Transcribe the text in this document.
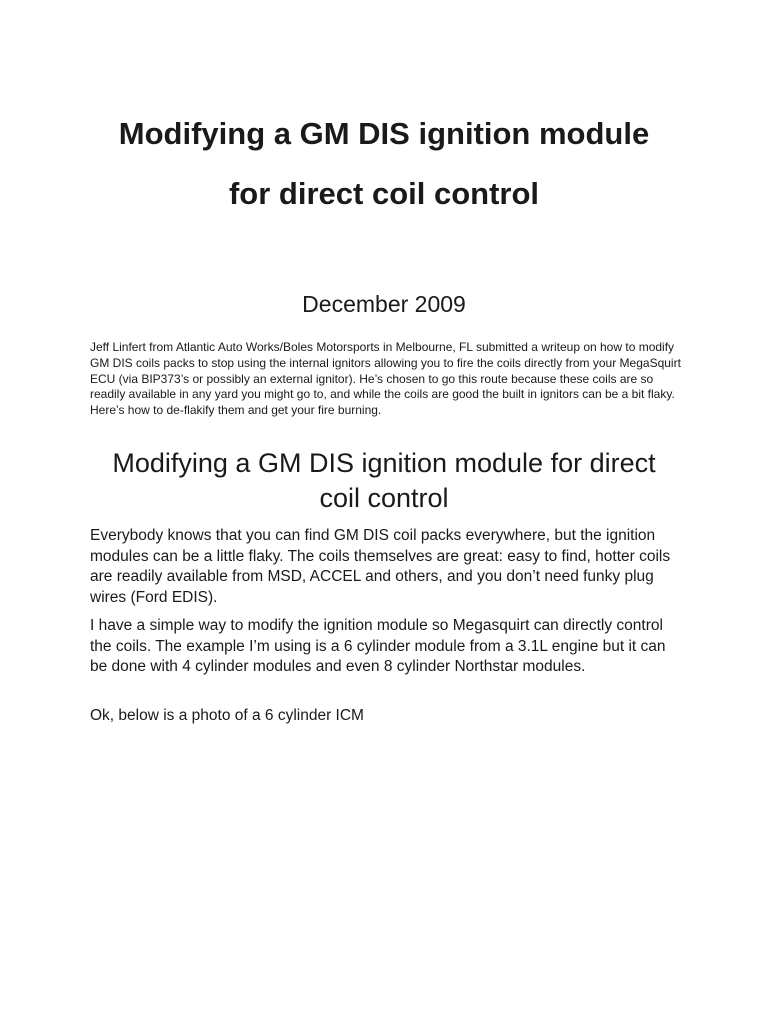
Modifying a GM DIS ignition module
for direct coil control
December 2009

Jeff Linfert from Atlantic Auto Works/Boles Motorsports in Melbourne, FL submitted a writeup on how to modify GM DIS coils packs to stop using the internal ignitors allowing you to fire the coils directly from your MegaSquirt ECU (via BIP373’s or possibly an external ignitor). He’s chosen to go this route because these coils are so readily available in any yard you might go to, and while the coils are good the built in ignitors can be a bit flaky. Here’s how to de-flakify them and get your fire burning.

Modifying a GM DIS ignition module for direct coil control

Everybody knows that you can find GM DIS coil packs everywhere, but the ignition modules can be a little flaky. The coils themselves are great: easy to find, hotter coils are readily available from MSD, ACCEL and others, and you don’t need funky plug wires (Ford EDIS).

I have a simple way to modify the ignition module so Megasquirt can directly control the coils. The example I’m using is a 6 cylinder module from a 3.1L engine but it can be done with 4 cylinder modules and even 8 cylinder Northstar modules.

Ok, below is a photo of a 6 cylinder ICM
